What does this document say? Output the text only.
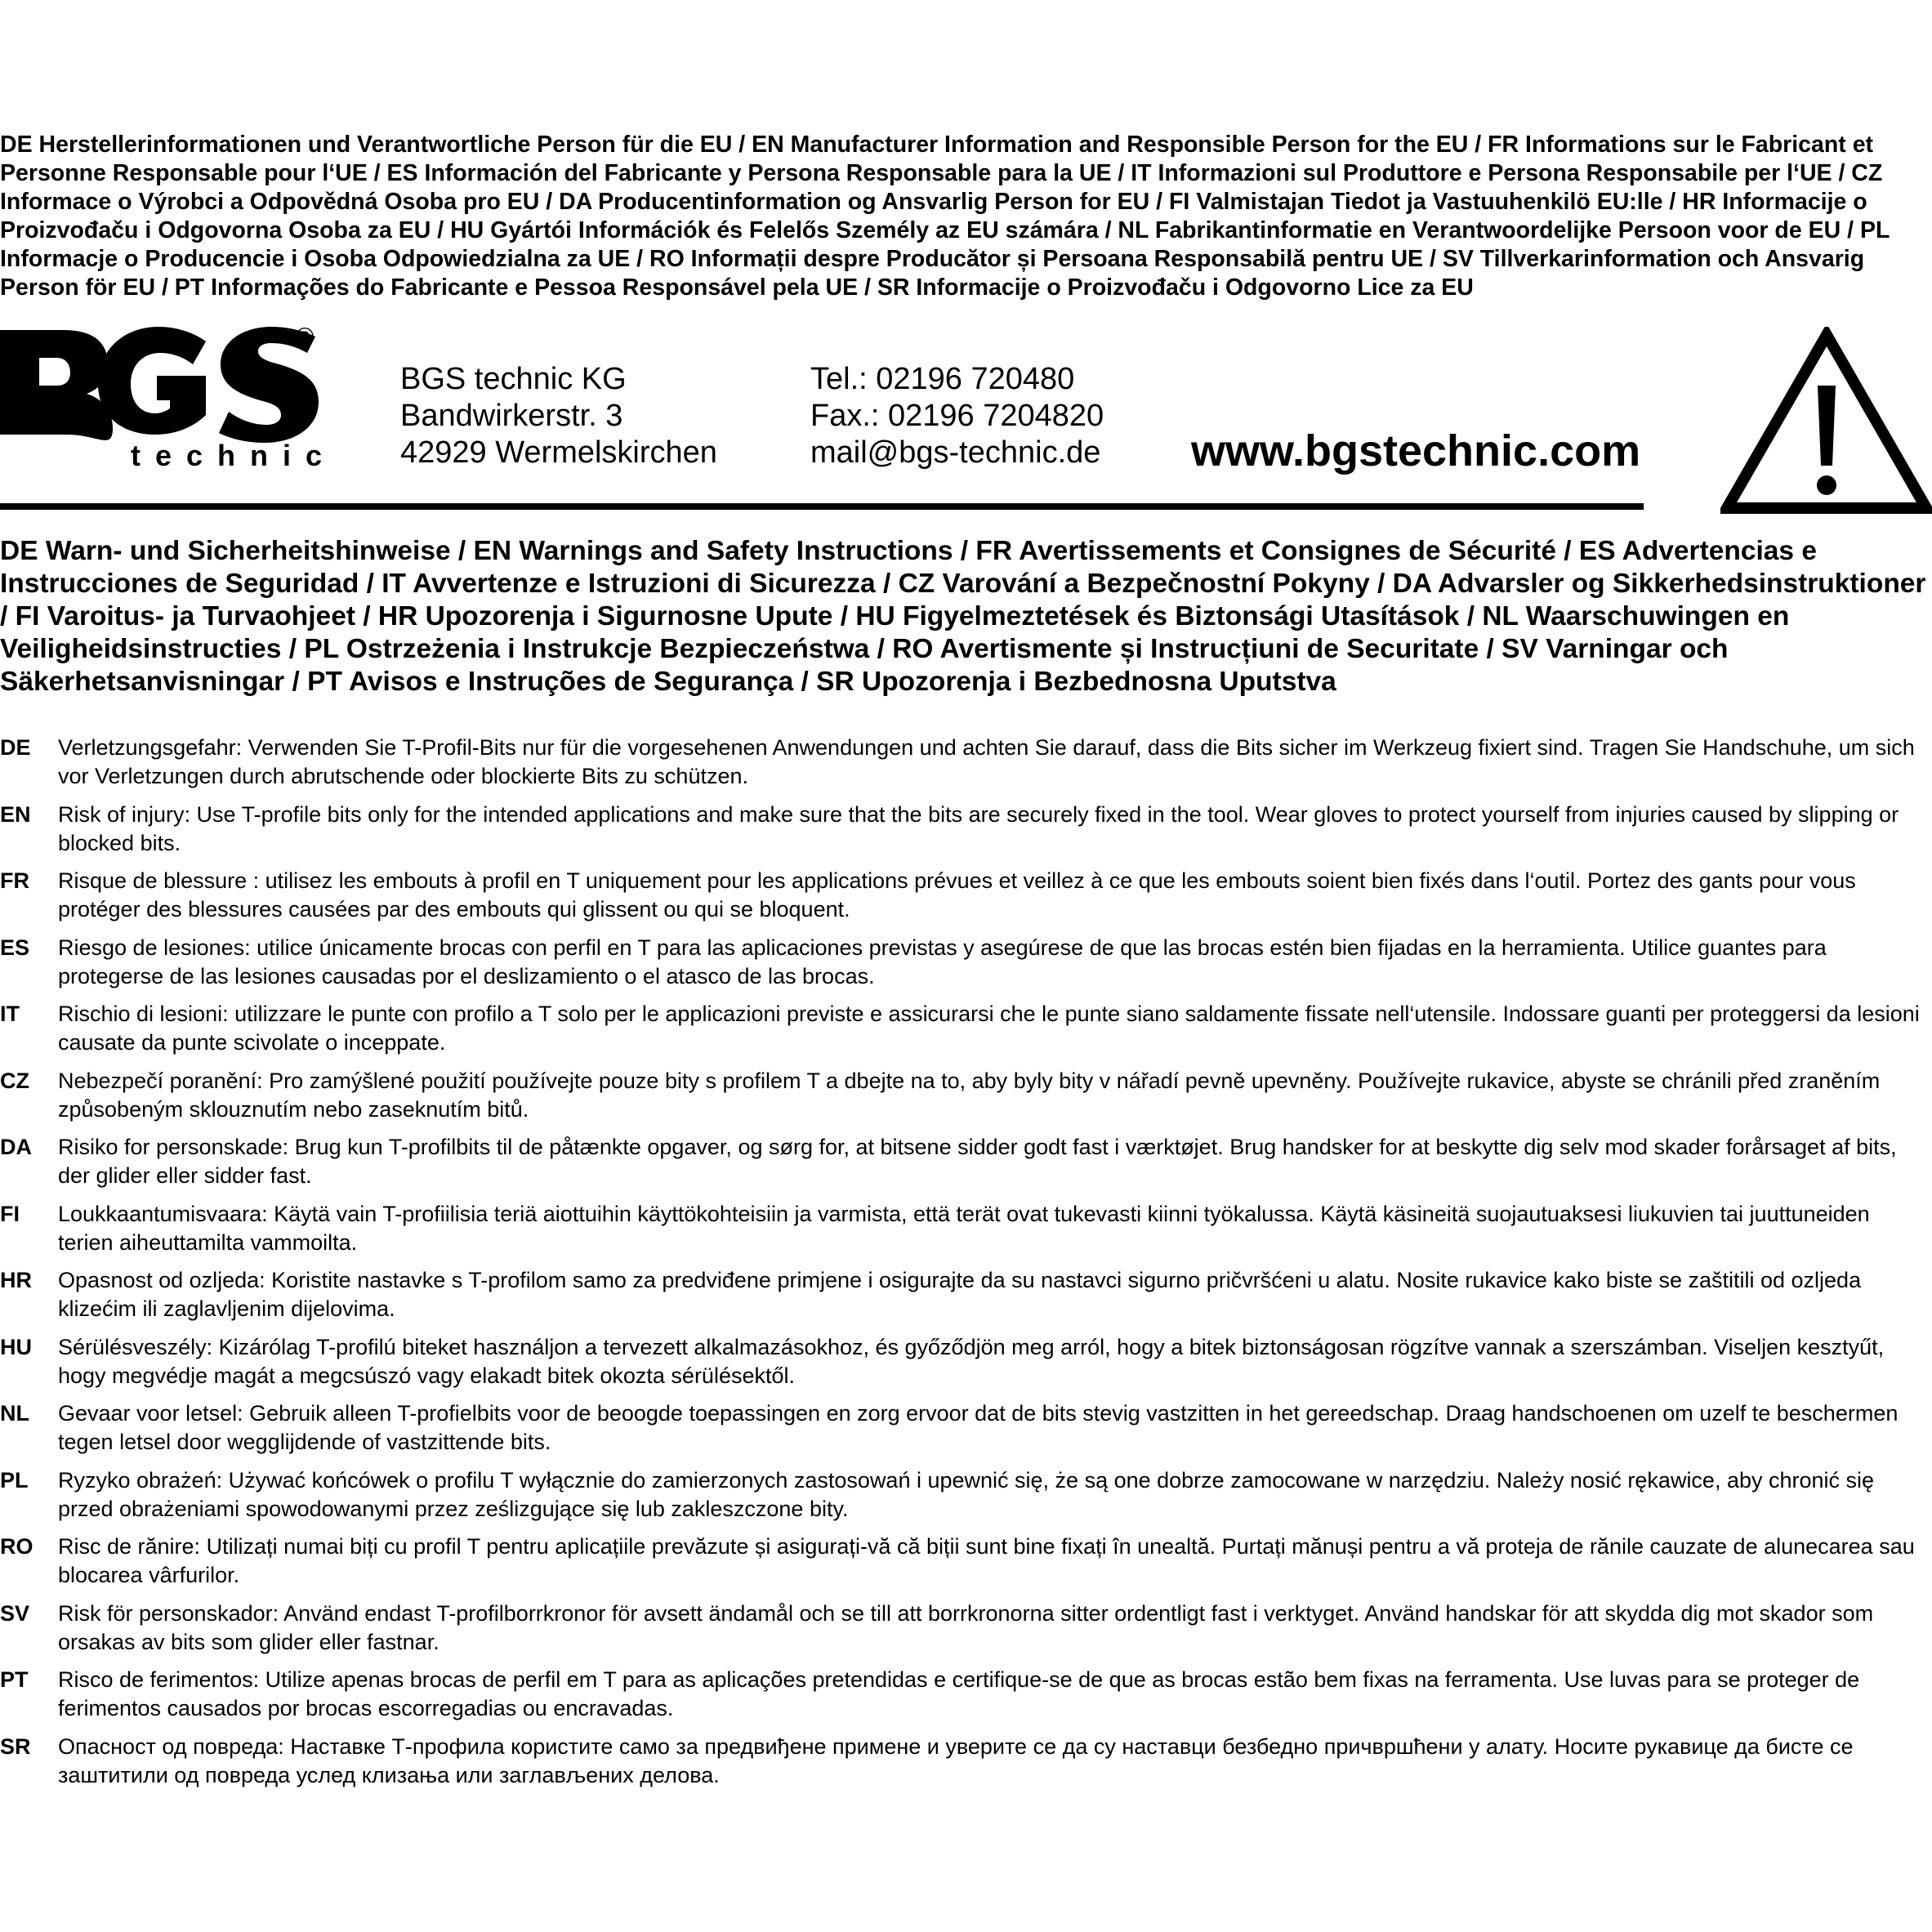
DE Herstellerinformationen und Verantwortliche Person für die EU / EN Manufacturer Information and Responsible Person for the EU / FR Informations sur le Fabricant et Personne Responsable pour l‘UE / ES Información del Fabricante y Persona Responsable para la UE / IT Informazioni sul Produttore e Persona Responsabile per l‘UE / CZ Informace o Výrobci a Odpovědná Osoba pro EU / DA Producentinformation og Ansvarlig Person for EU / FI Valmistajan Tiedot ja Vastuuhenkilö EU:lle / HR Informacije o Proizvođaču i Odgovorna Osoba za EU / HU Gyártói Információk és Felelős Személy az EU számára / NL Fabrikantinformatie en Verantwoordelijke Persoon voor de EU / PL Informacje o Producencie i Osoba Odpowiedzialna za UE / RO Informații despre Producător și Persoana Responsabilă pentru UE / SV Tillverkarinformation och Ansvarig Person för EU / PT Informações do Fabricante e Pessoa Responsável pela UE / SR Informacije o Proizvođaču i Odgovorno Lice za EU
®
technic
BGS technic KG
Bandwirkerstr. 3
42929 Wermelskirchen
Tel.: 02196 720480
Fax.: 02196 7204820
mail@bgs-technic.de www.bgstechnic.com
DE Warn- und Sicherheitshinweise / EN Warnings and Safety Instructions / FR Avertissements et Consignes de Sécurité / ES Advertencias e Instrucciones de Seguridad / IT Avvertenze e Istruzioni di Sicurezza / CZ Varování a Bezpečnostní Pokyny / DA Advarsler og Sikkerhedsinstruktioner / FI Varoitus- ja Turvaohjeet / HR Upozorenja i Sigurnosne Upute / HU Figyelmeztetések és Biztonsági Utasítások / NL Waarschuwingen en Veiligheidsinstructies / PL Ostrzeżenia i Instrukcje Bezpieczeństwa / RO Avertismente și Instrucțiuni de Securitate / SV Varningar och Säkerhetsanvisningar / PT Avisos e Instruções de Segurança / SR Upozorenja i Bezbednosna Uputstva
DE	Verletzungsgefahr: Verwenden Sie T-Profil-Bits nur für die vorgesehenen Anwendungen und achten Sie darauf, dass die Bits sicher im Werkzeug fixiert sind. Tragen Sie Handschuhe, um sich vor Verletzungen durch abrutschende oder blockierte Bits zu schützen.
EN	Risk of injury: Use T-profile bits only for the intended applications and make sure that the bits are securely fixed in the tool. Wear gloves to protect yourself from injuries caused by slipping or blocked bits.
FR	Risque de blessure : utilisez les embouts à profil en T uniquement pour les applications prévues et veillez à ce que les embouts soient bien fixés dans l‘outil. Portez des gants pour vous protéger des blessures causées par des embouts qui glissent ou qui se bloquent.
ES	Riesgo de lesiones: utilice únicamente brocas con perfil en T para las aplicaciones previstas y asegúrese de que las brocas estén bien fijadas en la herramienta. Utilice guantes para protegerse de las lesiones causadas por el deslizamiento o el atasco de las brocas.
IT	Rischio di lesioni: utilizzare le punte con profilo a T solo per le applicazioni previste e assicurarsi che le punte siano saldamente fissate nell‘utensile. Indossare guanti per proteggersi da lesioni causate da punte scivolate o inceppate.
CZ	Nebezpečí poranění: Pro zamýšlené použití používejte pouze bity s profilem T a dbejte na to, aby byly bity v nářadí pevně upevněny. Používejte rukavice, abyste se chránili před zraněním způsobeným sklouznutím nebo zaseknutím bitů.
DA	Risiko for personskade: Brug kun T-profilbits til de påtænkte opgaver, og sørg for, at bitsene sidder godt fast i værktøjet. Brug handsker for at beskytte dig selv mod skader forårsaget af bits, der glider eller sidder fast.
FI	Loukkaantumisvaara: Käytä vain T-profiilisia teriä aiottuihin käyttökohteisiin ja varmista, että terät ovat tukevasti kiinni työkalussa. Käytä käsineitä suojautuaksesi liukuvien tai juuttuneiden terien aiheuttamilta vammoilta.
HR	Opasnost od ozljeda: Koristite nastavke s T-profilom samo za predviđene primjene i osigurajte da su nastavci sigurno pričvršćeni u alatu. Nosite rukavice kako biste se zaštitili od ozljeda klizećim ili zaglavljenim dijelovima.
HU	Sérülésveszély: Kizárólag T-profilú biteket használjon a tervezett alkalmazásokhoz, és győződjön meg arról, hogy a bitek biztonságosan rögzítve vannak a szerszámban. Viseljen kesztyűt, hogy megvédje magát a megcsúszó vagy elakadt bitek okozta sérülésektől.
NL	Gevaar voor letsel: Gebruik alleen T-profielbits voor de beoogde toepassingen en zorg ervoor dat de bits stevig vastzitten in het gereedschap. Draag handschoenen om uzelf te beschermen tegen letsel door wegglijdende of vastzittende bits.
PL	Ryzyko obrażeń: Używać końcówek o profilu T wyłącznie do zamierzonych zastosowań i upewnić się, że są one dobrze zamocowane w narzędziu. Należy nosić rękawice, aby chronić się przed obrażeniami spowodowanymi przez ześlizgujące się lub zakleszczone bity.
RO	Risc de rănire: Utilizați numai biți cu profil T pentru aplicațiile prevăzute și asigurați-vă că biții sunt bine fixați în unealtă. Purtați mănuși pentru a vă proteja de rănile cauzate de alunecarea sau blocarea vârfurilor.
SV	Risk för personskador: Använd endast T-profilborrkronor för avsett ändamål och se till att borrkronorna sitter ordentligt fast i verktyget. Använd handskar för att skydda dig mot skador som orsakas av bits som glider eller fastnar.
PT	Risco de ferimentos: Utilize apenas brocas de perfil em T para as aplicações pretendidas e certifique-se de que as brocas estão bem fixas na ferramenta. Use luvas para se proteger de ferimentos causados por brocas escorregadias ou encravadas.
SR	Опасност од повреда: Наставке Т-профила користите само за предвиђене примене и уверите се да су наставци безбедно причвршћени у алату. Носите рукавице да бисте се заштитили од повреда услед клизања или заглављених делова.
